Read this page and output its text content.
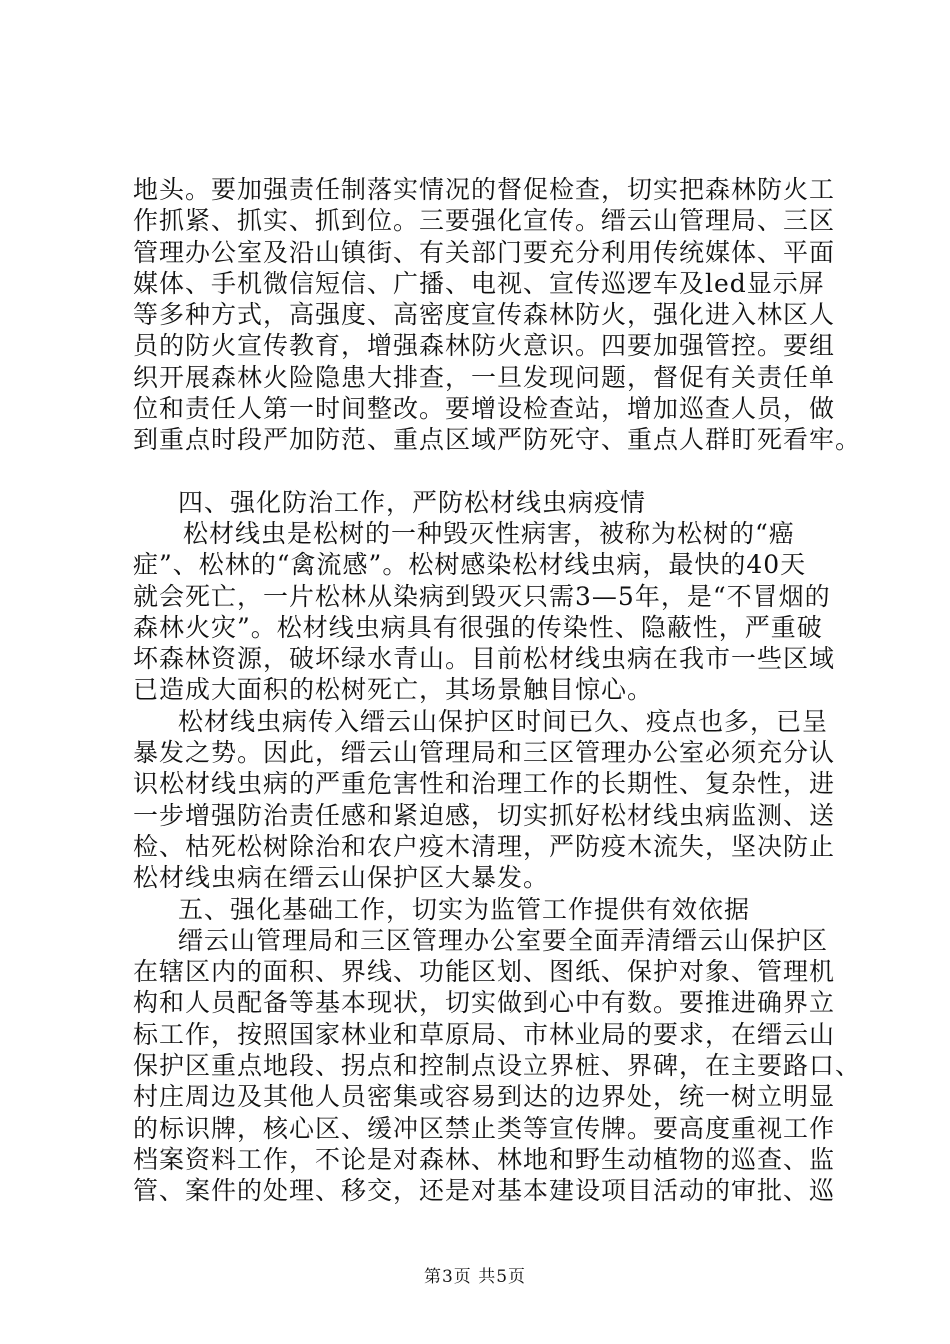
地头。要加强责任制落实情况的督促检查，切实把森林防火工
作抓紧、抓实、抓到位。三要强化宣传。缙云山管理局、三区
管理办公室及沿山镇街、有关部门要充分利用传统媒体、平面
媒体、手机微信短信、广播、电视、宣传巡逻车及led显示屏
等多种方式，高强度、高密度宣传森林防火，强化进入林区人
员的防火宣传教育，增强森林防火意识。四要加强管控。要组
织开展森林火险隐患大排查，一旦发现问题，督促有关责任单
位和责任人第一时间整改。要增设检查站，增加巡查人员，做
到重点时段严加防范、重点区域严防死守、重点人群盯死看牢。
四、强化防治工作，严防松材线虫病疫情
松材线虫是松树的一种毁灭性病害，被称为松树的“癌
症”、松林的“禽流感”。松树感染松材线虫病，最快的40天
就会死亡，一片松林从染病到毁灭只需3—5年，是“不冒烟的
森林火灾”。松材线虫病具有很强的传染性、隐蔽性，严重破
坏森林资源，破坏绿水青山。目前松材线虫病在我市一些区域
已造成大面积的松树死亡，其场景触目惊心。
松材线虫病传入缙云山保护区时间已久、疫点也多，已呈
暴发之势。因此，缙云山管理局和三区管理办公室必须充分认
识松材线虫病的严重危害性和治理工作的长期性、复杂性，进
一步增强防治责任感和紧迫感，切实抓好松材线虫病监测、送
检、枯死松树除治和农户疫木清理，严防疫木流失，坚决防止
松材线虫病在缙云山保护区大暴发。
五、强化基础工作，切实为监管工作提供有效依据
缙云山管理局和三区管理办公室要全面弄清缙云山保护区
在辖区内的面积、界线、功能区划、图纸、保护对象、管理机
构和人员配备等基本现状，切实做到心中有数。要推进确界立
标工作，按照国家林业和草原局、市林业局的要求，在缙云山
保护区重点地段、拐点和控制点设立界桩、界碑，在主要路口、
村庄周边及其他人员密集或容易到达的边界处，统一树立明显
的标识牌，核心区、缓冲区禁止类等宣传牌。要高度重视工作
档案资料工作，不论是对森林、林地和野生动植物的巡查、监
管、案件的处理、移交，还是对基本建设项目活动的审批、巡
第3页 共5页
